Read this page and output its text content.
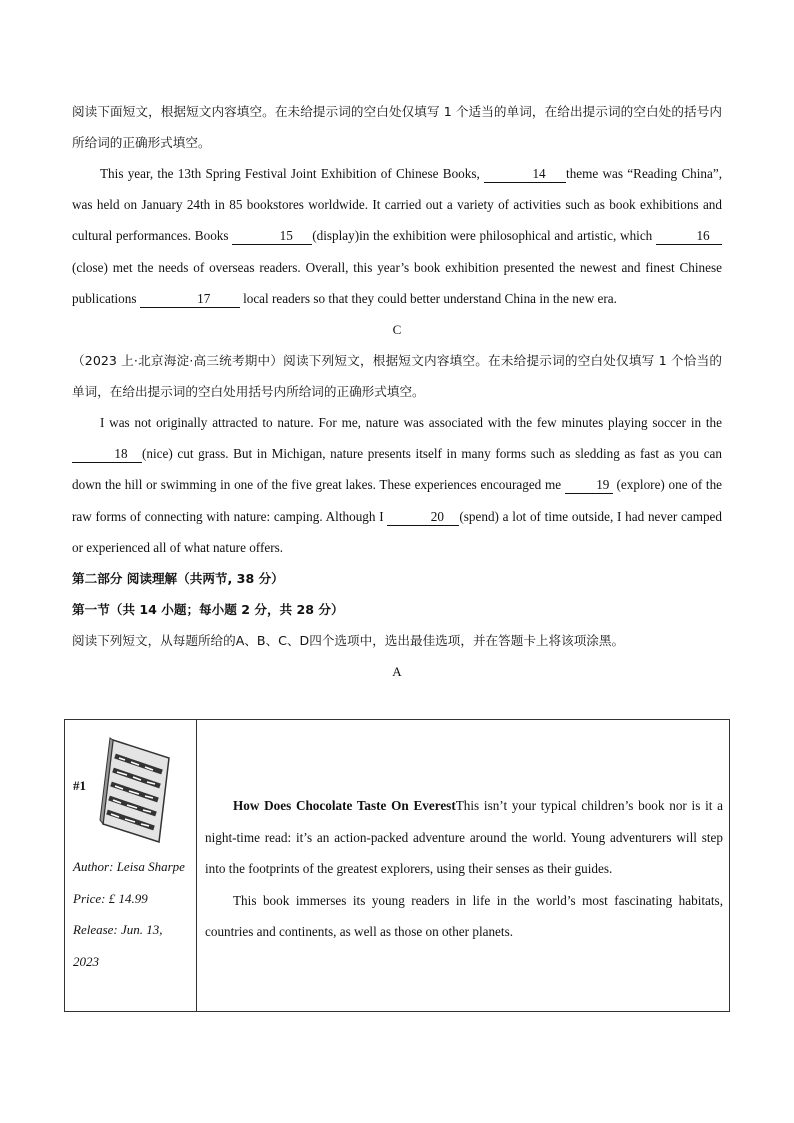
阅读下面短文，根据短文内容填空。在未给提示词的空白处仅填写 1 个适当的单词，在给出提示词的空白处的括号内所给词的正确形式填空。
This year, the 13th Spring Festival Joint Exhibition of Chinese Books,	14 theme was “Reading China”, was held on January 24th in 85 bookstores worldwide. It carried out a variety of activities such as book exhibitions and cultural performances. Books	15 (display)in the exhibition were philosophical and artistic, which	16(close) met the needs of overseas readers. Overall, this year’s book exhibition presented the newest and finest Chinese publications	17 local readers so that they could better understand China in the new era.
C
（2023 上·北京海淀·高三统考期中）阅读下列短文，根据短文内容填空。在未给提示词的空白处仅填写 1 个恰当的单词，在给出提示词的空白处用括号内所给词的正确形式填空。
I was not originally attracted to nature. For me, nature was associated with the few minutes playing soccer in the 18 (nice) cut grass. But in Michigan, nature presents itself in many forms such as sledding as fast as you can down the hill or swimming in one of the five great lakes. These experiences encouraged me	19 (explore) one of the raw forms of connecting with nature: camping. Although I	20 (spend) a lot of time outside, I had never camped or experienced all of what nature offers.
第二部分 阅读理解（共两节, 38 分）
第一节（共 14 小题；每小题 2 分，共 28 分）
阅读下列短文，从每题所给的A、B、C、D四个选项中，选出最佳选项，并在答题卡上将该项涂黑。
A
#1
Author: Leisa Sharpe
Price: £ 14.99
Release: Jun. 13, 2023

How Does Chocolate Taste On EverestThis isn’t your typical children’s book nor is it a night-time read: it’s an action-packed adventure around the world. Young adventurers will step into the footprints of the greatest explorers, using their senses as their guides.

This book immerses its young readers in life in the world’s most fascinating habitats, countries and continents, as well as those on other planets.
